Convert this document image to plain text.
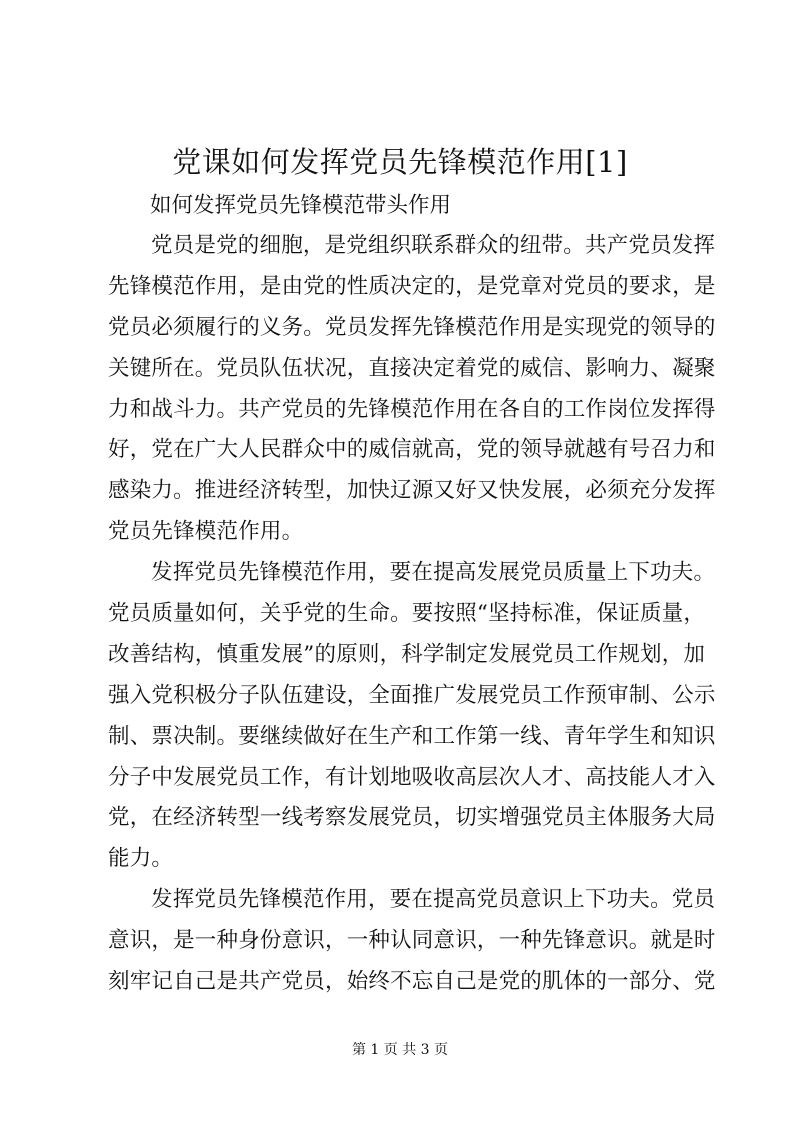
党课如何发挥党员先锋模范作用[1]
如何发挥党员先锋模范带头作用

党员是党的细胞，是党组织联系群众的纽带。共产党员发挥
先锋模范作用，是由党的性质决定的，是党章对党员的要求，是
党员必须履行的义务。党员发挥先锋模范作用是实现党的领导的
关键所在。党员队伍状况，直接决定着党的威信、影响力、凝聚
力和战斗力。共产党员的先锋模范作用在各自的工作岗位发挥得
好，党在广大人民群众中的威信就高，党的领导就越有号召力和
感染力。推进经济转型，加快辽源又好又快发展，必须充分发挥
党员先锋模范作用。

发挥党员先锋模范作用，要在提高发展党员质量上下功夫。
党员质量如何，关乎党的生命。要按照“坚持标准，保证质量，
改善结构，慎重发展”的原则，科学制定发展党员工作规划，加
强入党积极分子队伍建设，全面推广发展党员工作预审制、公示
制、票决制。要继续做好在生产和工作第一线、青年学生和知识
分子中发展党员工作，有计划地吸收高层次人才、高技能人才入
党，在经济转型一线考察发展党员，切实增强党员主体服务大局
能力。

发挥党员先锋模范作用，要在提高党员意识上下功夫。党员
意识，是一种身份意识，一种认同意识，一种先锋意识。就是时
刻牢记自己是共产党员，始终不忘自己是党的肌体的一部分、党

第 1 页 共 3 页
